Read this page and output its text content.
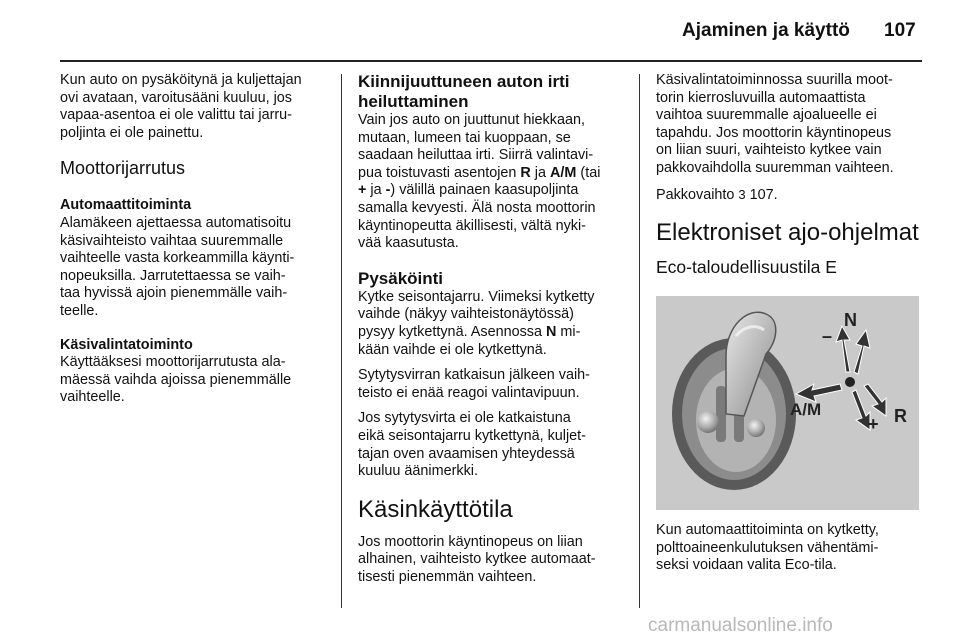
Ajaminen ja käyttö 107

Kun auto on pysäköitynä ja kuljettajan
ovi avataan, varoitusääni kuuluu, jos
vapaa-asentoa ei ole valittu tai jarru-
poljinta ei ole painettu.

Moottorijarrutus
Automaattitoiminta

Alamäkeen ajettaessa automatisoitu
käsivaihteisto vaihtaa suuremmalle
vaihteelle vasta korkeammilla käynti-
nopeuksilla. Jarrutettaessa se vaih-
taa hyvissä ajoin pienemmälle vaih-
teelle.

Käsivalintatoiminto

Käyttääksesi moottorijarrutusta ala-
mäessä vaihda ajoissa pienemmälle
vaihteelle.

Kiinnijuuttuneen auton irti
heiluttaminen

Vain jos auto on juuttunut hiekkaan,
mutaan, lumeen tai kuoppaan, se
saadaan heiluttaa irti. Siirrä valintavi-
pua toistuvasti asentojen R ja A/M (tai
+ ja -) välillä painaen kaasupoljinta
samalla kevyesti. Älä nosta moottorin
käyntinopeutta äkillisesti, vältä nyki-
vää kaasutusta.

Pysäköinti

Kytke seisontajarru. Viimeksi kytketty
vaihde (näkyy vaihteistonäytössä)
pysyy kytkettynä. Asennossa N mi-
kään vaihde ei ole kytkettynä.

Sytytysvirran katkaisun jälkeen vaih-
teisto ei enää reagoi valintavipuun.

Jos sytytysvirta ei ole katkaistuna
eikä seisontajarru kytkettynä, kuljet-
tajan oven avaamisen yhteydessä
kuuluu äänimerkki.

Käsinkäyttötila

Jos moottorin käyntinopeus on liian
alhainen, vaihteisto kytkee automaat-
tisesti pienemmän vaihteen.

Käsivalintatoiminnossa suurilla moot-
torin kierrosluvuilla automaattista
vaihtoa suuremmalle ajoalueelle ei
tapahdu. Jos moottorin käyntinopeus
on liian suuri, vaihteisto kytkee vain
pakkovaihdolla suuremman vaihteen.

Pakkovaihto 3 107.

Elektroniset ajo-ohjelmat
Eco-taloudellisuustila E
N
–
A/M
+ R

Kun automaattitoiminta on kytketty,
polttoaineenkulutuksen vähentämi-
seksi voidaan valita Eco-tila.

carmanualsonline.info
